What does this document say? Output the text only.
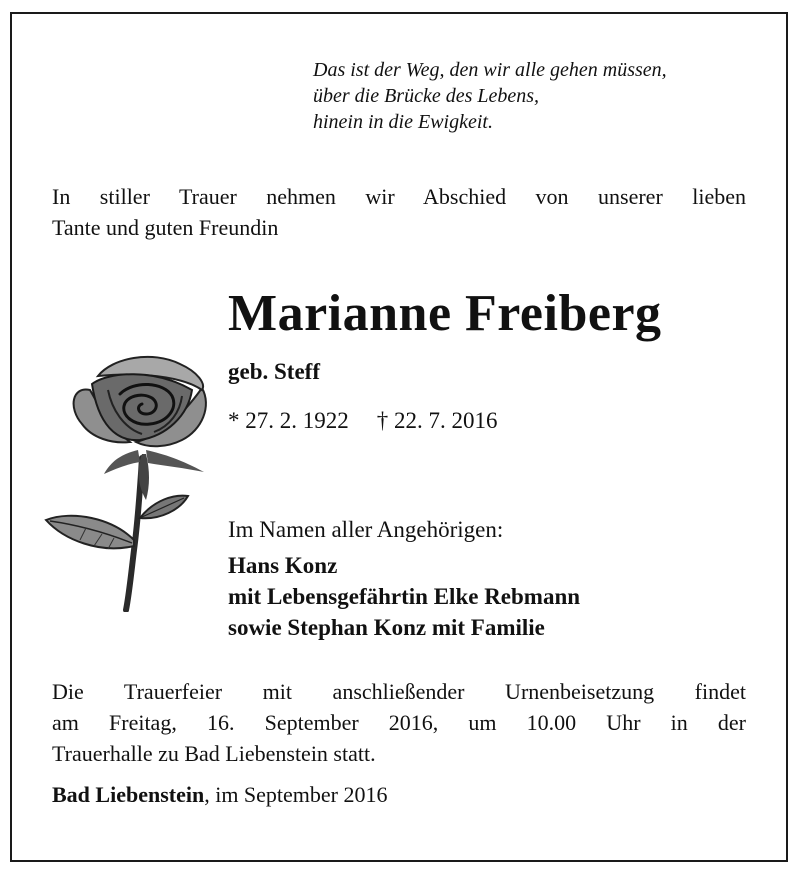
Das ist der Weg, den wir alle gehen müssen,
über die Brücke des Lebens,
hinein in die Ewigkeit.
In stiller Trauer nehmen wir Abschied von unserer lieben
Tante und guten Freundin
Marianne Freiberg
geb. Steff
* 27. 2. 1922 † 22. 7. 2016
Im Namen aller Angehörigen:
Hans Konz
mit Lebensgefährtin Elke Rebmann
sowie Stephan Konz mit Familie
Die Trauerfeier mit anschließender Urnenbeisetzung findet
am Freitag, 16. September 2016, um 10.00 Uhr in der
Trauerhalle zu Bad Liebenstein statt.
Bad Liebenstein, im September 2016
